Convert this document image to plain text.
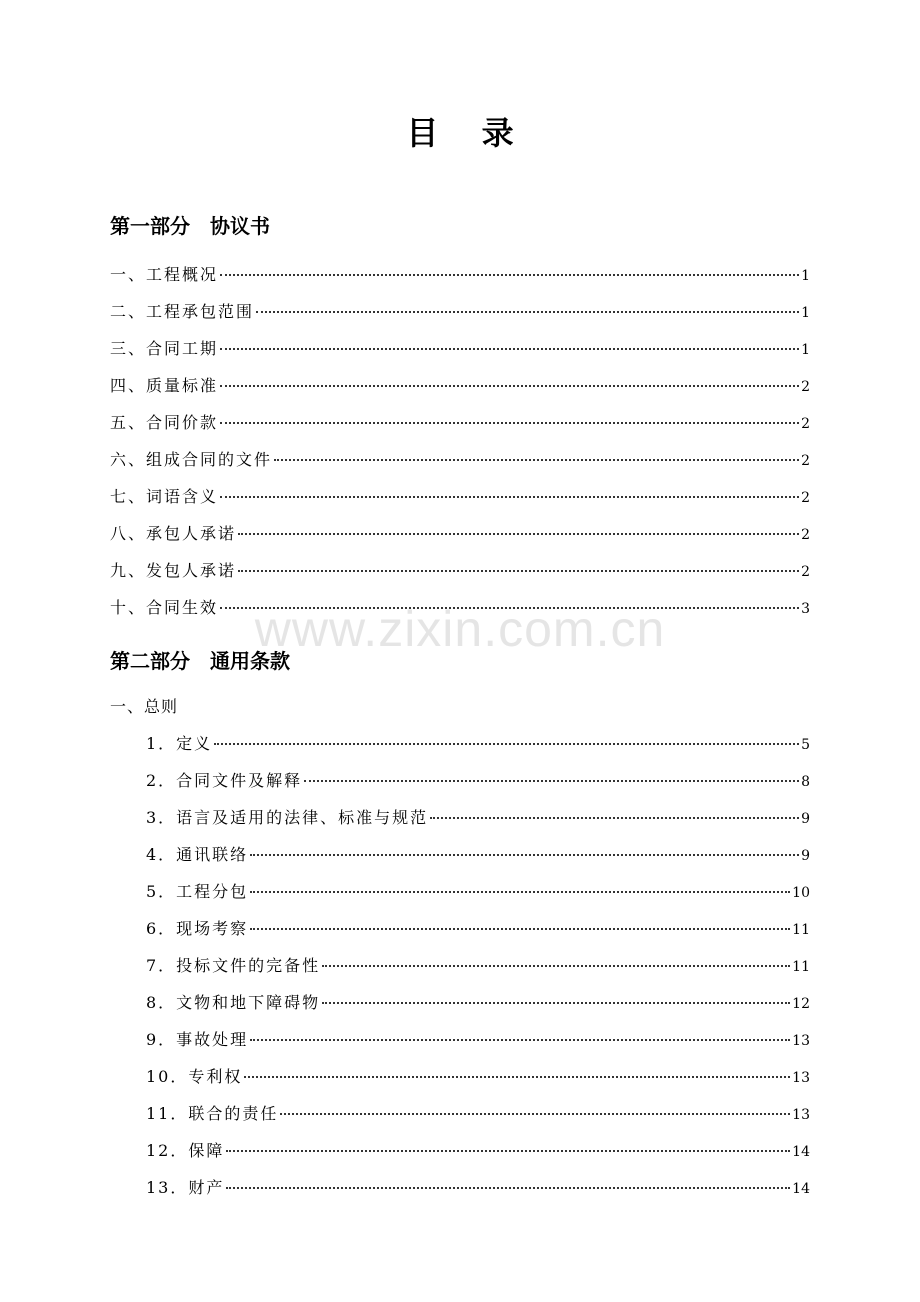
目 录
第一部分　协议书
一、工程概况	1
二、工程承包范围	1
三、合同工期	1
四、质量标准	2
五、合同价款	2
六、组成合同的文件	2
七、词语含义	2
八、承包人承诺	2
九、发包人承诺	2
十、合同生效	3
www.zixin.com.cn
第二部分　通用条款
一、总则
1．定义	5
2．合同文件及解释	8
3．语言及适用的法律、标准与规范	9
4．通讯联络	9
5．工程分包	10
6．现场考察	11
7．投标文件的完备性	11
8．文物和地下障碍物	12
9．事故处理	13
10．专利权	13
11．联合的责任	13
12．保障	14
13．财产	14
